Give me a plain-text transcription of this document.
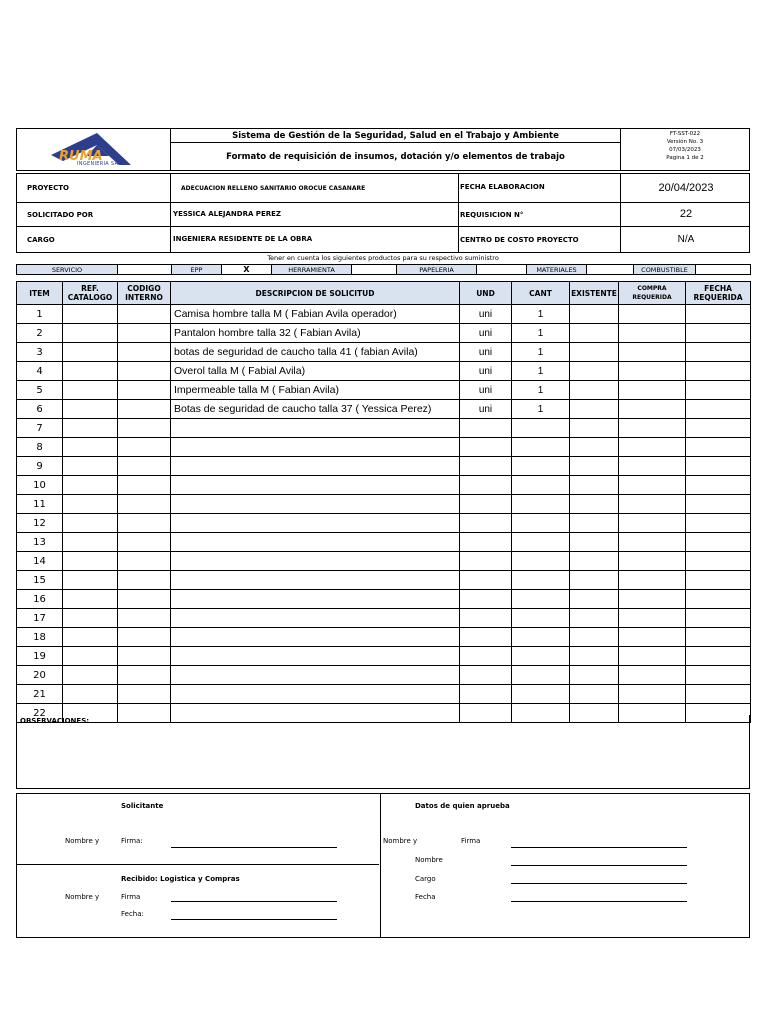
RUMA
INGENIERIA SAS
Sistema de Gestión de la Seguridad, Salud en el Trabajo y Ambiente
Formato de requisición de insumos, dotación y/o elementos de trabajo
FT-SST-022
Versión No. 3
07/03/2023
Pagina 1 de 2
PROYECTO	ADECUACION RELLENO SANITARIO OROCUE CASANARE	FECHA ELABORACION	20/04/2023
SOLICITADO POR	YESSICA ALEJANDRA PEREZ	REQUISICION N°	22
CARGO	INGENIERA RESIDENTE DE LA OBRA	CENTRO DE COSTO PROYECTO	N/A
Tener en cuenta los siguientes productos para su respectivo suministro
SERVICIO		EPP	X	HERRAMIENTA		PAPELERIA		MATERIALES		COMBUSTIBLE	
ITEM	REF. CATALOGO	CODIGO INTERNO	DESCRIPCION DE SOLICITUD	UND	CANT	EXISTENTE	COMPRA REQUERIDA	FECHA REQUERIDA
1			Camisa hombre talla M ( Fabian Avila operador)	uni	1			
2			Pantalon hombre talla 32 ( Fabian Avila)	uni	1			
3			botas de seguridad de caucho talla 41 ( fabian Avila)	uni	1			
4			Overol talla M ( Fabial Avila)	uni	1			
5			Impermeable talla M ( Fabian Avila)	uni	1			
6			Botas de seguridad de caucho talla 37 ( Yessica Perez)	uni	1			
7								
8								
9								
10								
11								
12								
13								
14								
15								
16								
17								
18								
19								
20								
21								
22								
OBSERVACIONES:
Solicitante
Nombre y	Firma:
Recibido: Logistica y Compras
Nombre y	Firma
Fecha:
Datos de quien aprueba
Nombre y	Firma
Nombre
Cargo
Fecha
